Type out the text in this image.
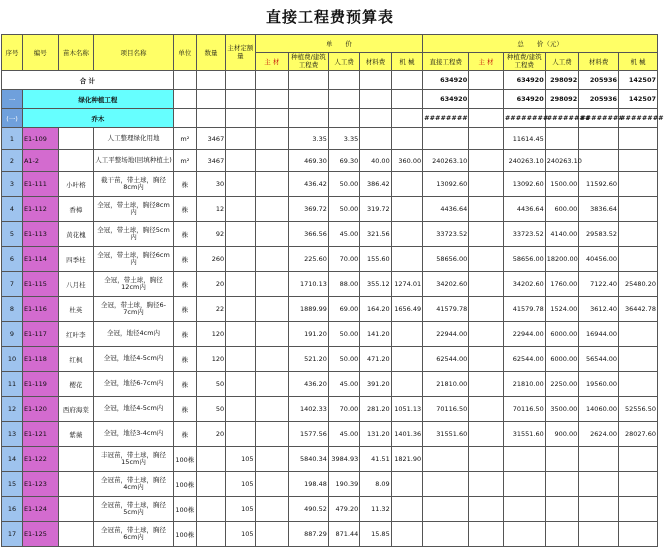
直接工程费预算表
序号	编号	苗木名称	项目名称	单位	数量	主材定额量	单　　 价					总　　 价（元）					
							主 材	种植费/建筑工程费	人工费	材料费	机 械	直接工程费	主 材	种植费/建筑工程费	人工费	材料费	机 械
合 计												634920		634920	298092	205936	142507
一	绿化种植工程											634920		634920	298092	205936	142507
(一)	乔木											########		########	########	########	########
1	E1-109		人工整理绿化用地	m²	3467			3.35	3.35					11614.45			
2	A1-2		人工平整场地(回填种植土)	m²	3467			469.30	69.30	40.00	360.00	240263.10		240263.10	240263.10		
3	E1-111	小叶榕	截干苗，带土球，胸径8cm内	株	30			436.42	50.00	386.42		13092.60		13092.60	1500.00	11592.60	
4	E1-112	香樟	全冠，带土球，胸径8cm内	株	12			369.72	50.00	319.72		4436.64		4436.64	600.00	3836.64	
5	E1-113	黄花槐	全冠，带土球，胸径5cm内	株	92			366.56	45.00	321.56		33723.52		33723.52	4140.00	29583.52	
6	E1-114	四季桂	全冠，带土球，胸径6cm内	株	260			225.60	70.00	155.60		58656.00		58656.00	18200.00	40456.00	
7	E1-115	八月桂	全冠，带土球，胸径12cm内	株	20			1710.13	88.00	355.12	1274.01	34202.60		34202.60	1760.00	7122.40	25480.20
8	E1-116	杜英	全冠，带土球，胸径6-7cm内	株	22			1889.99	69.00	164.20	1656.49	41579.78		41579.78	1524.00	3612.40	36442.78
9	E1-117	红叶李	全冠，地径4cm内	株	120			191.20	50.00	141.20		22944.00		22944.00	6000.00	16944.00	
10	E1-118	红枫	全冠，地径4-5cm内	株	120			521.20	50.00	471.20		62544.00		62544.00	6000.00	56544.00	
11	E1-119	樱花	全冠，地径6-7cm内	株	50			436.20	45.00	391.20		21810.00		21810.00	2250.00	19560.00	
12	E1-120	西府海棠	全冠，地径4-5cm内	株	50			1402.33	70.00	281.20	1051.13	70116.50		70116.50	3500.00	14060.00	52556.50
13	E1-121	紫薇	全冠，地径3-4cm内	株	20			1577.56	45.00	131.20	1401.36	31551.60		31551.60	900.00	2624.00	28027.60
14	E1-122		丰冠苗，带土球，胸径15cm内	100株		105		5840.34	3984.93	41.51	1821.90						
15	E1-123		全冠苗，带土球，胸径4cm内	100株		105		198.48	190.39	8.09							
16	E1-124		全冠苗，带土球，胸径5cm内	100株		105		490.52	479.20	11.32							
17	E1-125		全冠苗，带土球，胸径6cm内	100株		105		887.29	871.44	15.85							
